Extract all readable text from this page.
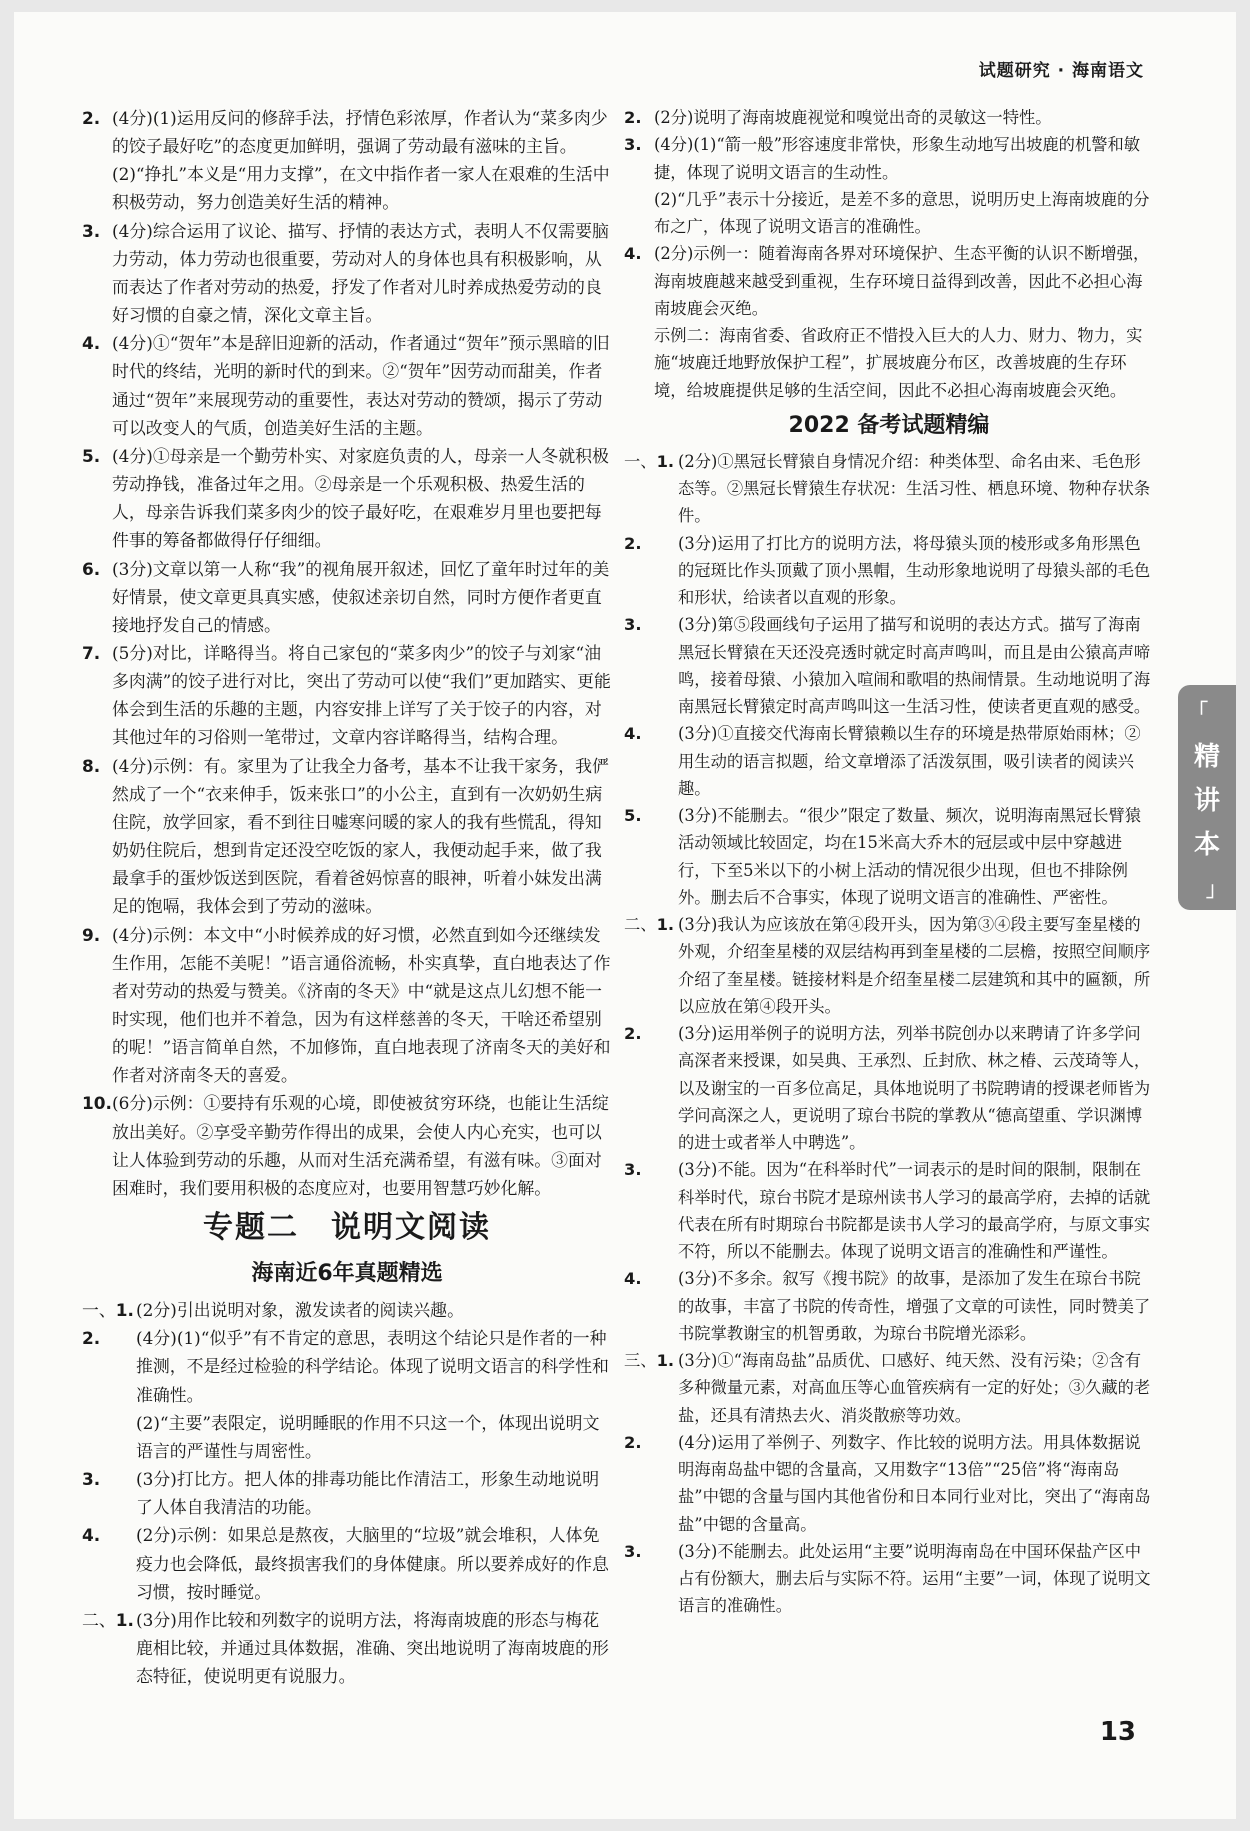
试题研究 · 海南语文
2. (4分)(1)运用反问的修辞手法，抒情色彩浓厚，作者认为“菜多肉少的饺子最好吃”的态度更加鲜明，强调了劳动最有滋味的主旨。
(2)“挣扎”本义是“用力支撑”，在文中指作者一家人在艰难的生活中积极劳动，努力创造美好生活的精神。
3. (4分)综合运用了议论、描写、抒情的表达方式，表明人不仅需要脑力劳动，体力劳动也很重要，劳动对人的身体也具有积极影响，从而表达了作者对劳动的热爱，抒发了作者对儿时养成热爱劳动的良好习惯的自豪之情，深化文章主旨。
4. (4分)①“贺年”本是辞旧迎新的活动，作者通过“贺年”预示黑暗的旧时代的终结，光明的新时代的到来。②“贺年”因劳动而甜美，作者通过“贺年”来展现劳动的重要性，表达对劳动的赞颂，揭示了劳动可以改变人的气质，创造美好生活的主题。
5. (4分)①母亲是一个勤劳朴实、对家庭负责的人，母亲一人冬就积极劳动挣钱，准备过年之用。②母亲是一个乐观积极、热爱生活的人，母亲告诉我们菜多肉少的饺子最好吃，在艰难岁月里也要把每件事的筹备都做得仔仔细细。
6. (3分)文章以第一人称“我”的视角展开叙述，回忆了童年时过年的美好情景，使文章更具真实感，使叙述亲切自然，同时方便作者更直接地抒发自己的情感。
7. (5分)对比，详略得当。将自己家包的“菜多肉少”的饺子与刘家“油多肉满”的饺子进行对比，突出了劳动可以使“我们”更加踏实、更能体会到生活的乐趣的主题，内容安排上详写了关于饺子的内容，对其他过年的习俗则一笔带过，文章内容详略得当，结构合理。
8. (4分)示例：有。家里为了让我全力备考，基本不让我干家务，我俨然成了一个“衣来伸手，饭来张口”的小公主，直到有一次奶奶生病住院，放学回家，看不到往日嘘寒问暖的家人的我有些慌乱，得知奶奶住院后，想到肯定还没空吃饭的家人，我便动起手来，做了我最拿手的蛋炒饭送到医院，看着爸妈惊喜的眼神，听着小妹发出满足的饱嗝，我体会到了劳动的滋味。
9. (4分)示例：本文中“小时候养成的好习惯，必然直到如今还继续发生作用，怎能不美呢！”语言通俗流畅，朴实真挚，直白地表达了作者对劳动的热爱与赞美。《济南的冬天》中“就是这点儿幻想不能一时实现，他们也并不着急，因为有这样慈善的冬天，干啥还希望别的呢！”语言简单自然，不加修饰，直白地表现了济南冬天的美好和作者对济南冬天的喜爱。
10. (6分)示例：①要持有乐观的心境，即使被贫穷环绕，也能让生活绽放出美好。②享受辛勤劳作得出的成果，会使人内心充实，也可以让人体验到劳动的乐趣，从而对生活充满希望，有滋有味。③面对困难时，我们要用积极的态度应对，也要用智慧巧妙化解。
专题二　说明文阅读
海南近6年真题精选
一、1. (2分)引出说明对象，激发读者的阅读兴趣。
2. (4分)(1)“似乎”有不肯定的意思，表明这个结论只是作者的一种推测，不是经过检验的科学结论。体现了说明文语言的科学性和准确性。
(2)“主要”表限定，说明睡眠的作用不只这一个，体现出说明文语言的严谨性与周密性。
3. (3分)打比方。把人体的排毒功能比作清洁工，形象生动地说明了人体自我清洁的功能。
4. (2分)示例：如果总是熬夜，大脑里的“垃圾”就会堆积，人体免疫力也会降低，最终损害我们的身体健康。所以要养成好的作息习惯，按时睡觉。
二、1. (3分)用作比较和列数字的说明方法，将海南坡鹿的形态与梅花鹿相比较，并通过具体数据，准确、突出地说明了海南坡鹿的形态特征，使说明更有说服力。
2. (2分)说明了海南坡鹿视觉和嗅觉出奇的灵敏这一特性。
3. (4分)(1)“箭一般”形容速度非常快，形象生动地写出坡鹿的机警和敏捷，体现了说明文语言的生动性。
(2)“几乎”表示十分接近，是差不多的意思，说明历史上海南坡鹿的分布之广，体现了说明文语言的准确性。
4. (2分)示例一：随着海南各界对环境保护、生态平衡的认识不断增强，海南坡鹿越来越受到重视，生存环境日益得到改善，因此不必担心海南坡鹿会灭绝。
示例二：海南省委、省政府正不惜投入巨大的人力、财力、物力，实施“坡鹿迁地野放保护工程”，扩展坡鹿分布区，改善坡鹿的生存环境，给坡鹿提供足够的生活空间，因此不必担心海南坡鹿会灭绝。
2022 备考试题精编
一、1. (2分)①黑冠长臂猿自身情况介绍：种类体型、命名由来、毛色形态等。②黑冠长臂猿生存状况：生活习性、栖息环境、物种存状条件。
2. (3分)运用了打比方的说明方法，将母猿头顶的棱形或多角形黑色的冠斑比作头顶戴了顶小黑帽，生动形象地说明了母猿头部的毛色和形状，给读者以直观的形象。
3. (3分)第⑤段画线句子运用了描写和说明的表达方式。描写了海南黑冠长臂猿在天还没亮透时就定时高声鸣叫，而且是由公猿高声啼鸣，接着母猿、小猿加入喧闹和歌唱的热闹情景。生动地说明了海南黑冠长臂猿定时高声鸣叫这一生活习性，使读者更直观的感受。
4. (3分)①直接交代海南长臂猿赖以生存的环境是热带原始雨林；②用生动的语言拟题，给文章增添了活泼氛围，吸引读者的阅读兴趣。
5. (3分)不能删去。“很少”限定了数量、频次，说明海南黑冠长臂猿活动领域比较固定，均在15米高大乔木的冠层或中层中穿越进行，下至5米以下的小树上活动的情况很少出现，但也不排除例外。删去后不合事实，体现了说明文语言的准确性、严密性。
二、1. (3分)我认为应该放在第④段开头，因为第③④段主要写奎星楼的外观，介绍奎星楼的双层结构再到奎星楼的二层檐，按照空间顺序介绍了奎星楼。链接材料是介绍奎星楼二层建筑和其中的匾额，所以应放在第④段开头。
2. (3分)运用举例子的说明方法，列举书院创办以来聘请了许多学问高深者来授课，如吴典、王承烈、丘封欣、林之椿、云茂琦等人，以及谢宝的一百多位高足，具体地说明了书院聘请的授课老师皆为学问高深之人，更说明了琼台书院的掌教从“德高望重、学识渊博的进士或者举人中聘选”。
3. (3分)不能。因为“在科举时代”一词表示的是时间的限制，限制在科举时代，琼台书院才是琼州读书人学习的最高学府，去掉的话就代表在所有时期琼台书院都是读书人学习的最高学府，与原文事实不符，所以不能删去。体现了说明文语言的准确性和严谨性。
4. (3分)不多余。叙写《搜书院》的故事，是添加了发生在琼台书院的故事，丰富了书院的传奇性，增强了文章的可读性，同时赞美了书院掌教谢宝的机智勇敢，为琼台书院增光添彩。
三、1. (3分)①“海南岛盐”品质优、口感好、纯天然、没有污染；②含有多种微量元素，对高血压等心血管疾病有一定的好处；③久藏的老盐，还具有清热去火、消炎散瘀等功效。
2. (4分)运用了举例子、列数字、作比较的说明方法。用具体数据说明海南岛盐中锶的含量高，又用数字“13倍”“25倍”将“海南岛盐”中锶的含量与国内其他省份和日本同行业对比，突出了“海南岛盐”中锶的含量高。
3. (3分)不能删去。此处运用“主要”说明海南岛在中国环保盐产区中占有份额大，删去后与实际不符。运用“主要”一词，体现了说明文语言的准确性。
「
精
讲
本
」
13
